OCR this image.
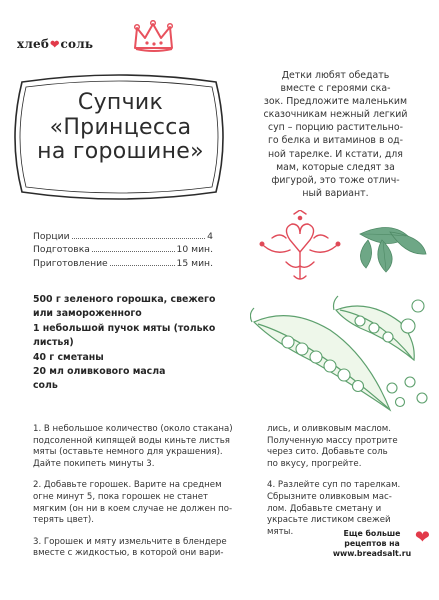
хлеб ❤ соль
Супчик
«Принцесса
на горошине»
Детки любят обедать
вместе с героями ска-
зок. Предложите маленьким
сказочникам нежный легкий
суп – порцию растительно-
го белка и витаминов в од-
ной тарелке. И кстати, для
мам, которые следят за
фигурой, это тоже отлич-
ный вариант.
Порции	4
Подготовка	10 мин.
Приготовление	15 мин.
500 г зеленого горошка, свежего
или замороженного
1 небольшой пучок мяты (только
листья)
40 г сметаны
20 мл оливкового масла
соль
1. В небольшое количество (около стакана)
подсоленной кипящей воды киньте листья
мяты (оставьте немного для украшения).
Дайте покипеть минуты 3.
2. Добавьте горошек. Варите на среднем
огне минут 5, пока горошек не станет
мягким (он ни в коем случае не должен по-
терять цвет).
3. Горошек и мяту измельчите в блендере
вместе с жидкостью, в которой они вари-
лись, и оливковым маслом.
Полученную массу протрите
через сито. Добавьте соль
по вкусу, прогрейте.
4. Разлейте суп по тарелкам.
Сбрызните оливковым мас-
лом. Добавьте сметану и
украсьте листиком свежей
мяты.	Еще больше
рецептов на
www.breadsalt.ru
❤
